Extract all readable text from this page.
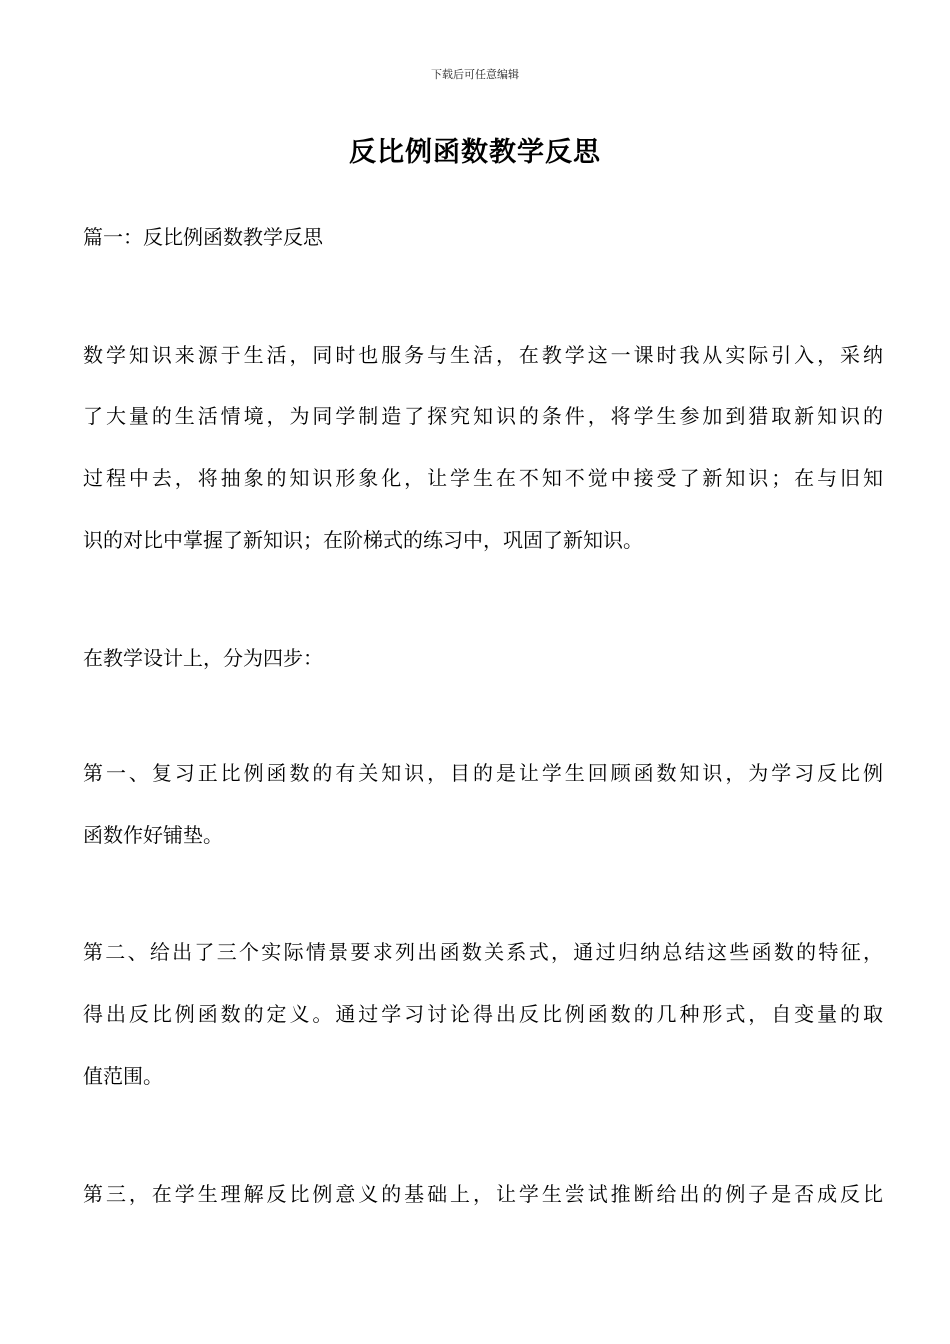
下载后可任意编辑
反比例函数教学反思
篇一：反比例函数教学反思
数学知识来源于生活，同时也服务与生活，在教学这一课时我从实际引入，采纳
了大量的生活情境，为同学制造了探究知识的条件，将学生参加到猎取新知识的
过程中去，将抽象的知识形象化，让学生在不知不觉中接受了新知识；在与旧知
识的对比中掌握了新知识；在阶梯式的练习中，巩固了新知识。
在教学设计上，分为四步：
第一、复习正比例函数的有关知识，目的是让学生回顾函数知识，为学习反比例
函数作好铺垫。
第二、给出了三个实际情景要求列出函数关系式，通过归纳总结这些函数的特征，
得出反比例函数的定义。通过学习讨论得出反比例函数的几种形式，自变量的取
值范围。
第三，在学生理解反比例意义的基础上，让学生尝试推断给出的例子是否成反比
